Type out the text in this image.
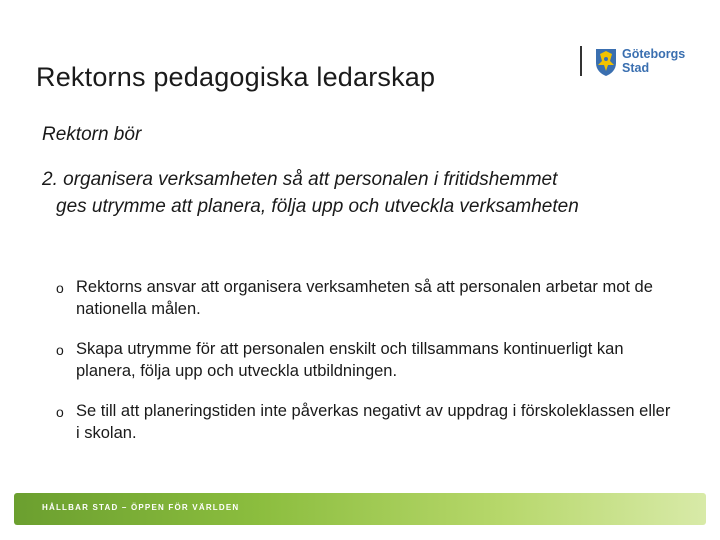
Rektorns pedagogiska ledarskap
Göteborgs
Stad
Rektorn bör
2. organisera verksamheten så att personalen i fritidshemmet
ges utrymme att planera, följa upp och utveckla verksamheten
o Rektorns ansvar att organisera verksamheten så att personalen arbetar mot de nationella målen.
o Skapa utrymme för att personalen enskilt och tillsammans kontinuerligt kan planera, följa upp och utveckla utbildningen.
o Se till att planeringstiden inte påverkas negativt av uppdrag i förskoleklassen eller i skolan.
HÅLLBAR STAD – ÖPPEN FÖR VÄRLDEN
